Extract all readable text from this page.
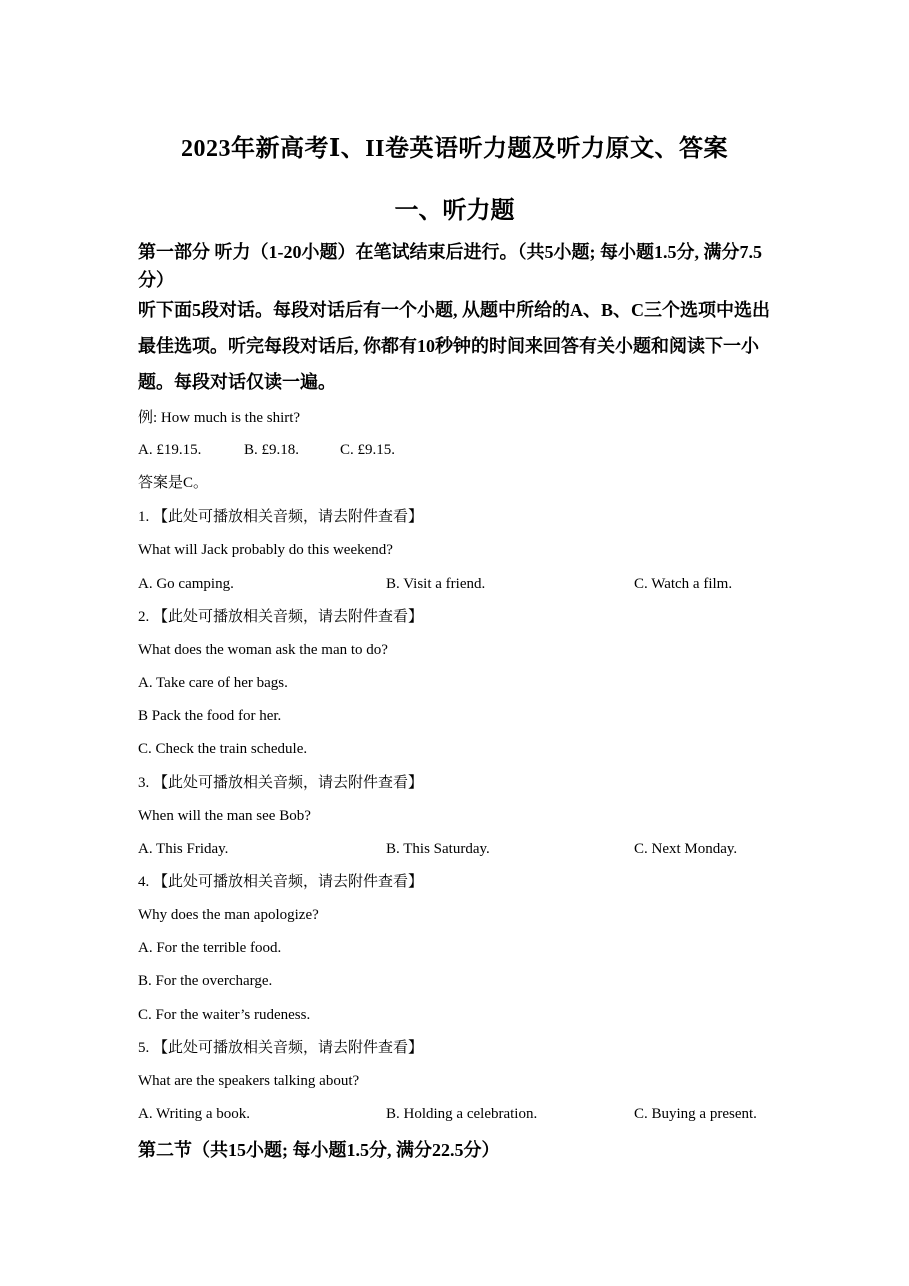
2023年新高考Ⅰ、II卷英语听力题及听力原文、答案
一、听力题
第一部分 听力（1-20小题）在笔试结束后进行。（共5小题; 每小题1.5分, 满分7.5分）
听下面5段对话。每段对话后有一个小题, 从题中所给的A、B、C三个选项中选出最佳选项。听完每段对话后, 你都有10秒钟的时间来回答有关小题和阅读下一小题。每段对话仅读一遍。
例: How much is the shirt?
A. £19.15.	B. £9.18.	C. £9.15.
答案是C。
1. 【此处可播放相关音频，请去附件查看】
What will Jack probably do this weekend?
A. Go camping.	B. Visit a friend.	C. Watch a film.
2. 【此处可播放相关音频，请去附件查看】
What does the woman ask the man to do?
A. Take care of her bags.
B Pack the food for her.
C. Check the train schedule.
3. 【此处可播放相关音频，请去附件查看】
When will the man see Bob?
A. This Friday.	B. This Saturday.	C. Next Monday.
4. 【此处可播放相关音频，请去附件查看】
Why does the man apologize?
A. For the terrible food.
B. For the overcharge.
C. For the waiter’s rudeness.
5. 【此处可播放相关音频，请去附件查看】
What are the speakers talking about?
A. Writing a book.	B. Holding a celebration.	C. Buying a present.
第二节（共15小题; 每小题1.5分, 满分22.5分）
